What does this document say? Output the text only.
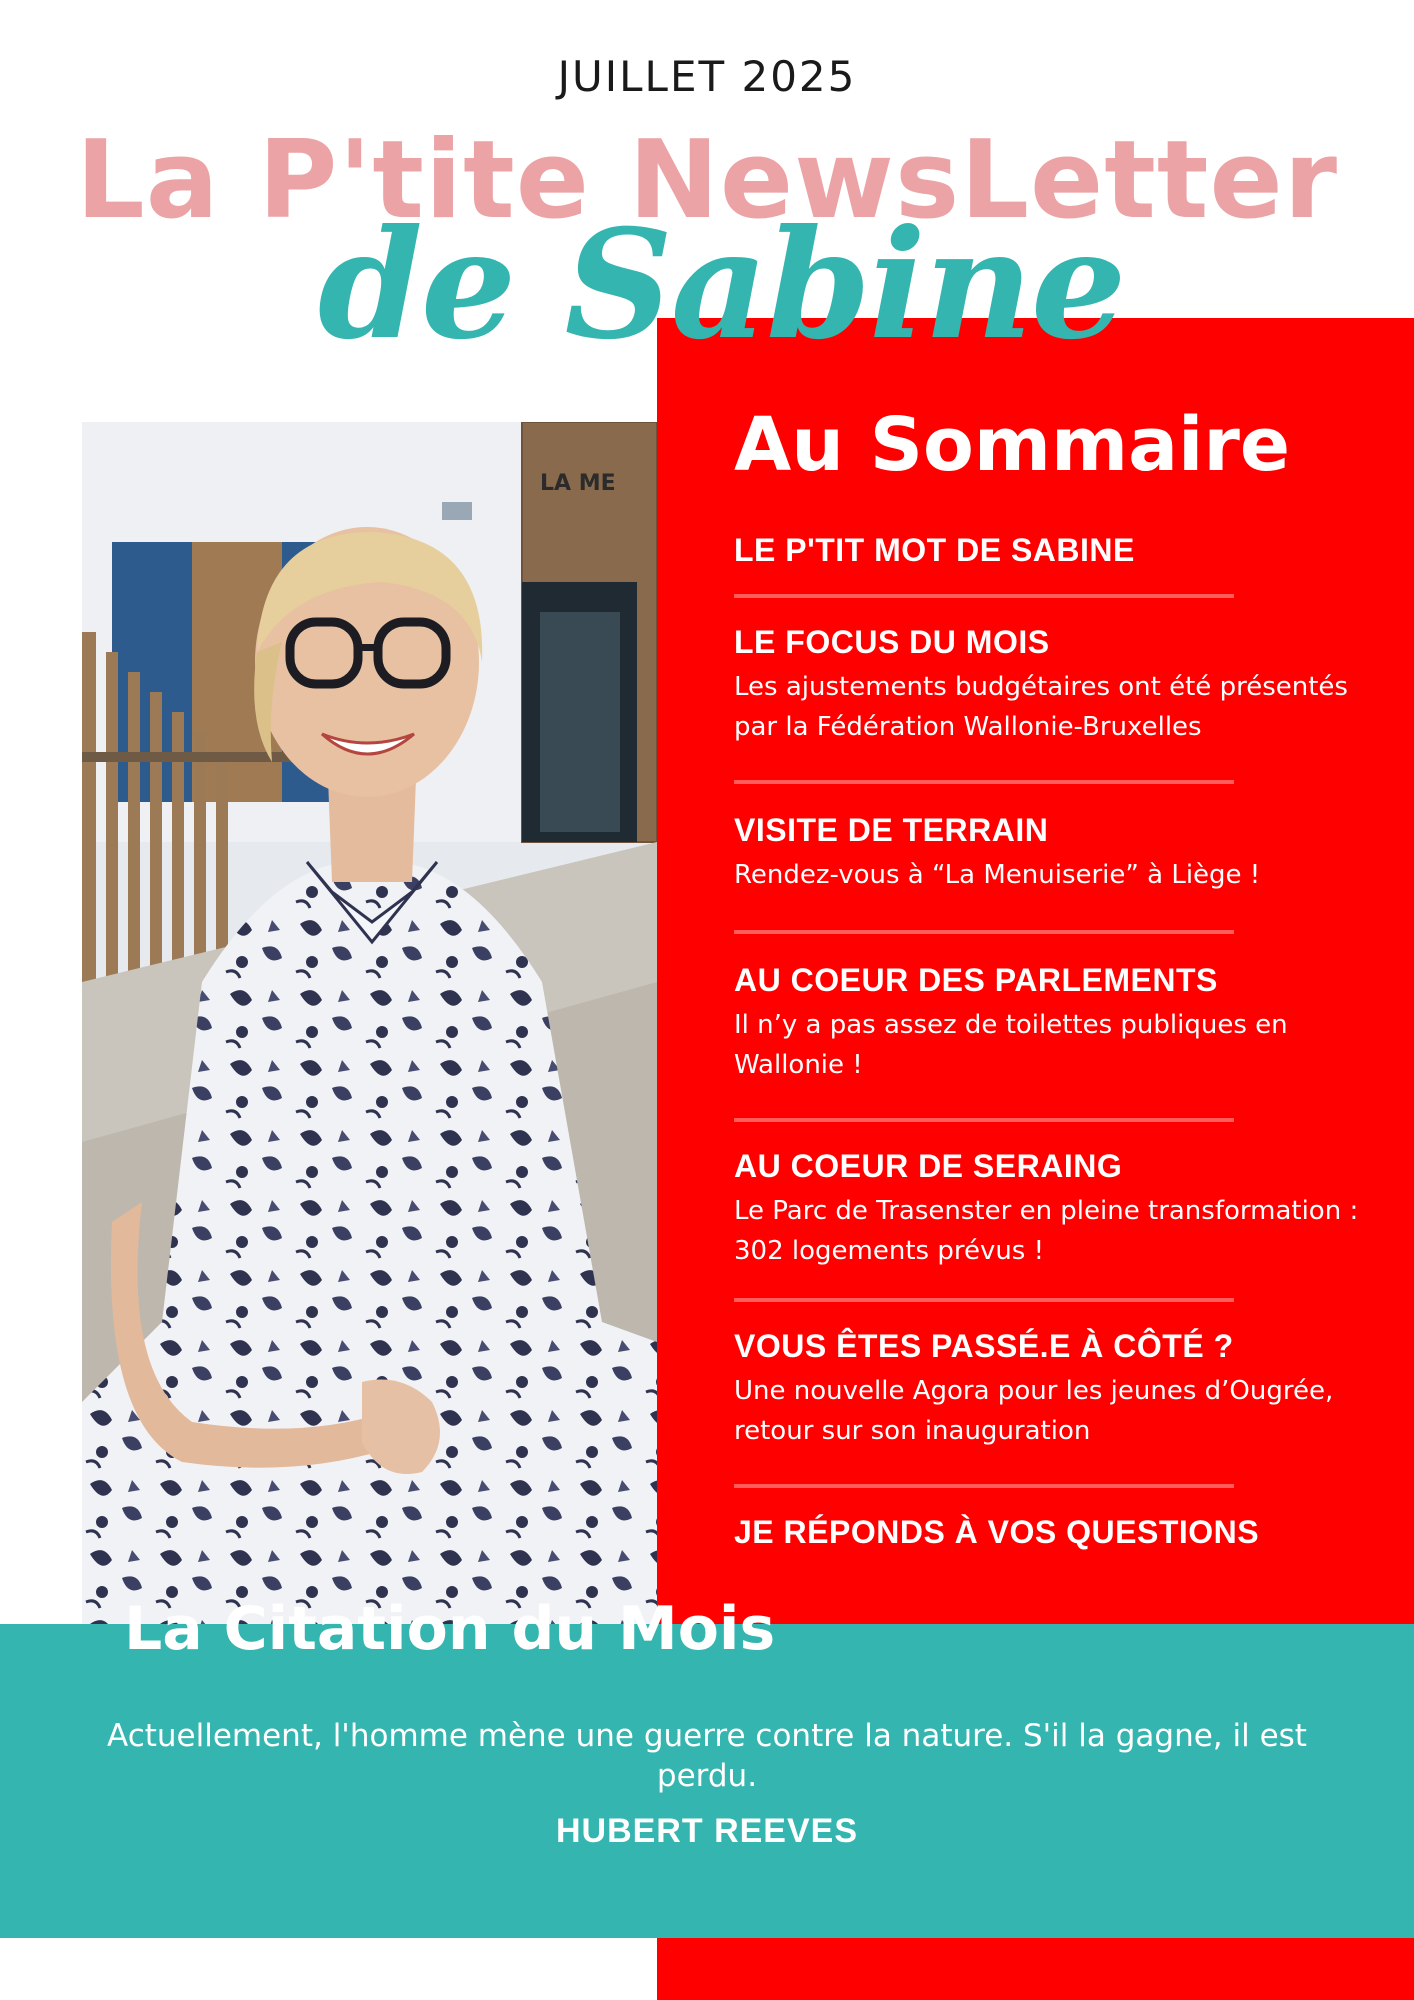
JUILLET 2025
La P'tite NewsLetter
LA ME
de Sabine
Au Sommaire
LE P'TIT MOT DE SABINE
LE FOCUS DU MOIS
Les ajustements budgétaires ont été présentés par la Fédération Wallonie-Bruxelles
VISITE DE TERRAIN
Rendez-vous à “La Menuiserie” à Liège !
AU COEUR DES PARLEMENTS
Il n’y a pas assez de toilettes publiques en Wallonie !
AU COEUR DE SERAING
Le Parc de Trasenster en pleine transformation : 302 logements prévus !
VOUS ÊTES PASSÉ.E À CÔTÉ ?
Une nouvelle Agora pour les jeunes d’Ougrée, retour sur son inauguration
JE RÉPONDS À VOS QUESTIONS
La Citation du Mois
Actuellement, l'homme mène une guerre contre la nature. S'il la gagne, il est perdu.
HUBERT REEVES
